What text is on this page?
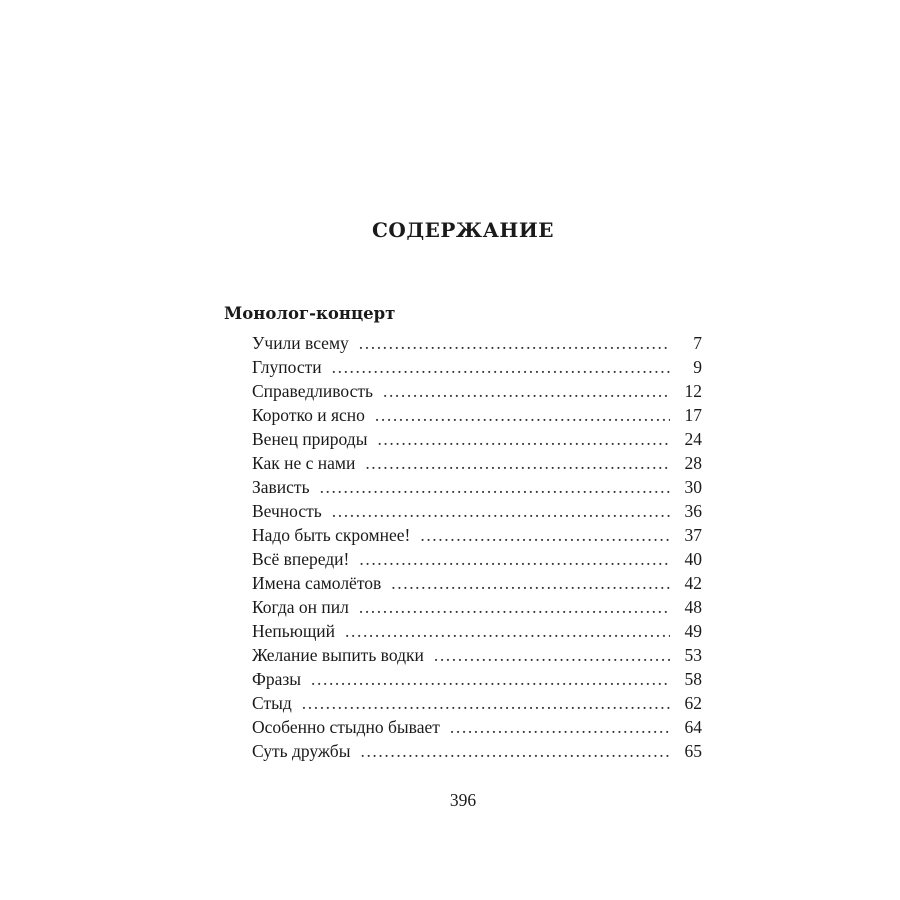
СОДЕРЖАНИЕ
Монолог-концерт
Учили всему .....	7
Глупости .....	9
Справедливость .....	12
Коротко и ясно .....	17
Венец природы .....	24
Как не с нами .....	28
Зависть .....	30
Вечность .....	36
Надо быть скромнее! .....	37
Всё впереди! .....	40
Имена самолётов .....	42
Когда он пил .....	48
Непьющий .....	49
Желание выпить водки .....	53
Фразы .....	58
Стыд .....	62
Особенно стыдно бывает .....	64
Суть дружбы .....	65
396
